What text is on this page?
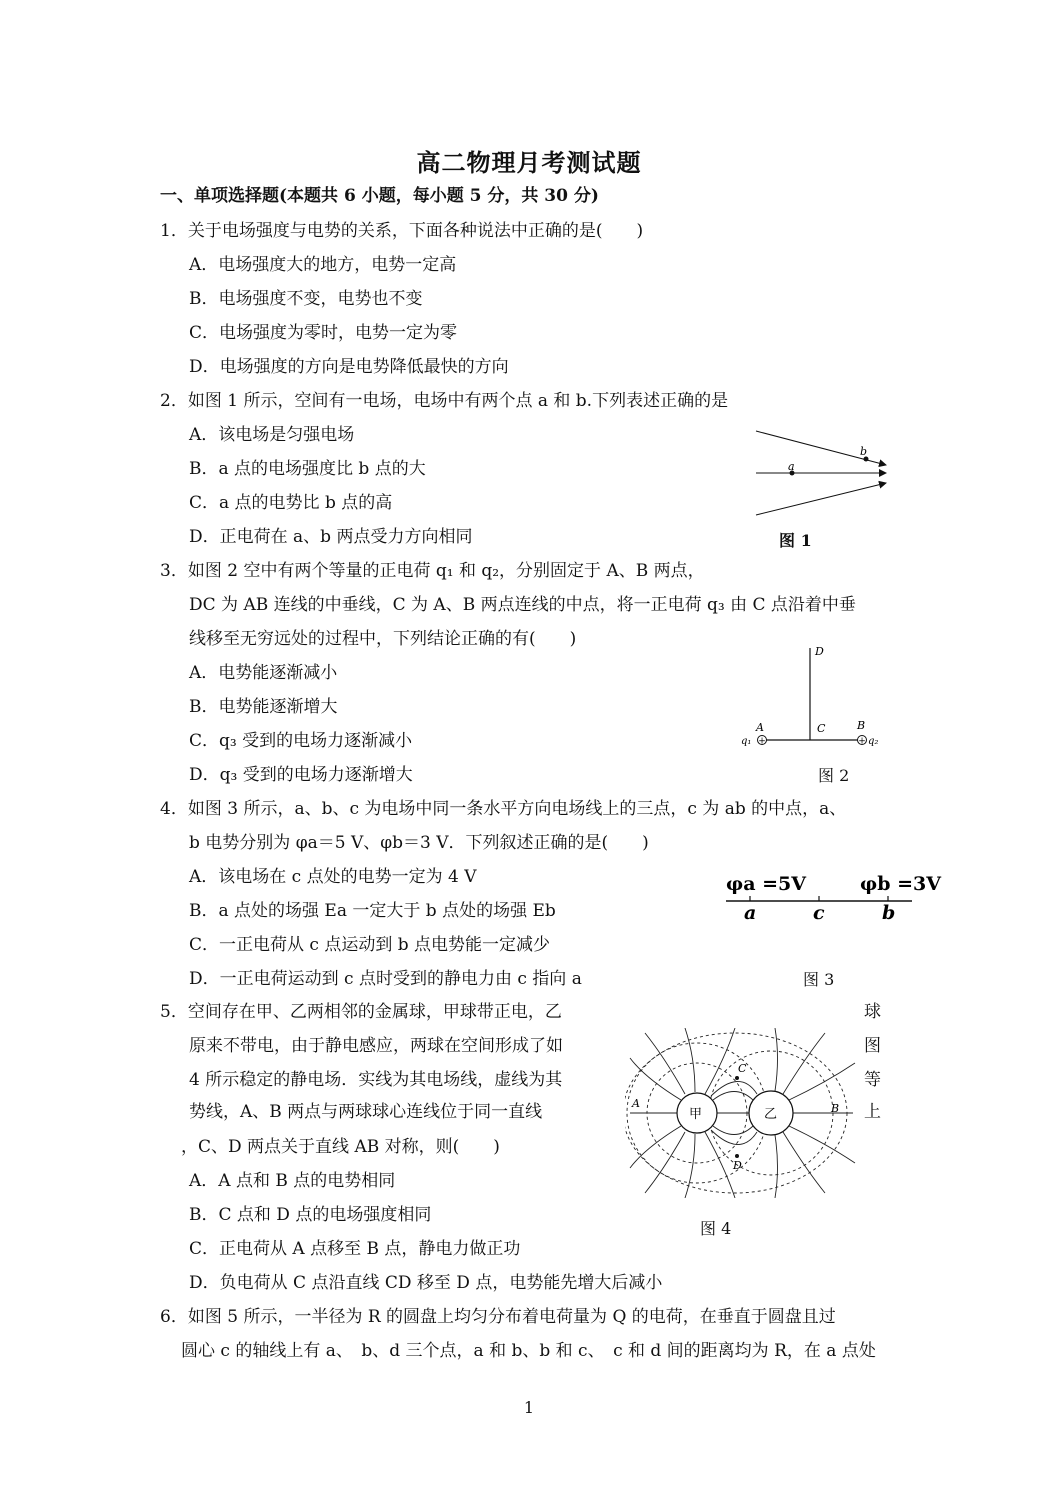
高二物理月考测试题
一、单项选择题(本题共 6 小题，每小题 5 分，共 30 分)
1．关于电场强度与电势的关系，下面各种说法中正确的是(　　)
A．电场强度大的地方，电势一定高
B．电场强度不变，电势也不变
C．电场强度为零时，电势一定为零
D．电场强度的方向是电势降低最快的方向
2．如图 1 所示，空间有一电场，电场中有两个点 a 和 b.下列表述正确的是
A．该电场是匀强电场
B．a 点的电场强度比 b 点的大
C．a 点的电势比 b 点的高
D．正电荷在 a、b 两点受力方向相同
a
b
图 1
3．如图 2 空中有两个等量的正电荷 q₁ 和 q₂，分别固定于 A、B 两点，
DC 为 AB 连线的中垂线，C 为 A、B 两点连线的中点，将一正电荷 q₃ 由 C 点沿着中垂
线移至无穷远处的过程中，下列结论正确的有(　　)
A．电势能逐渐减小
B．电势能逐渐增大
C．q₃ 受到的电场力逐渐减小
D．q₃ 受到的电场力逐渐增大
+	+
D
A	C	B
q₁	q₂
图 2
4．如图 3 所示，a、b、c 为电场中同一条水平方向电场线上的三点，c 为 ab 的中点，a、
b 电势分别为 φa＝5 V、φb＝3 V．下列叙述正确的是(　　)
A．该电场在 c 点处的电势一定为 4 V
B．a 点处的场强 Ea 一定大于 b 点处的场强 Eb
C．一正电荷从 c 点运动到 b 点电势能一定减少
D．一正电荷运动到 c 点时受到的静电力由 c 指向 a
φa =5V	φb =3V
a	c	b
图 3
5．空间存在甲、乙两相邻的金属球，甲球带正电，乙
原来不带电，由于静电感应，两球在空间形成了如
4 所示稳定的静电场．实线为其电场线，虚线为其
势线，A、B 两点与两球球心连线位于同一直线
，C、D 两点关于直线 AB 对称，则(　　)
球
图
等
上
A．A 点和 B 点的电势相同
B．C 点和 D 点的电场强度相同
C．正电荷从 A 点移至 B 点，静电力做正功
D．负电荷从 C 点沿直线 CD 移至 D 点，电势能先增大后减小
甲	乙
A	B
C
D
图 4
6．如图 5 所示，一半径为 R 的圆盘上均匀分布着电荷量为 Q 的电荷，在垂直于圆盘且过
圆心 c 的轴线上有 a、　b、d 三个点，a 和 b、b 和 c、　c 和 d 间的距离均为 R，在 a 点处
1
